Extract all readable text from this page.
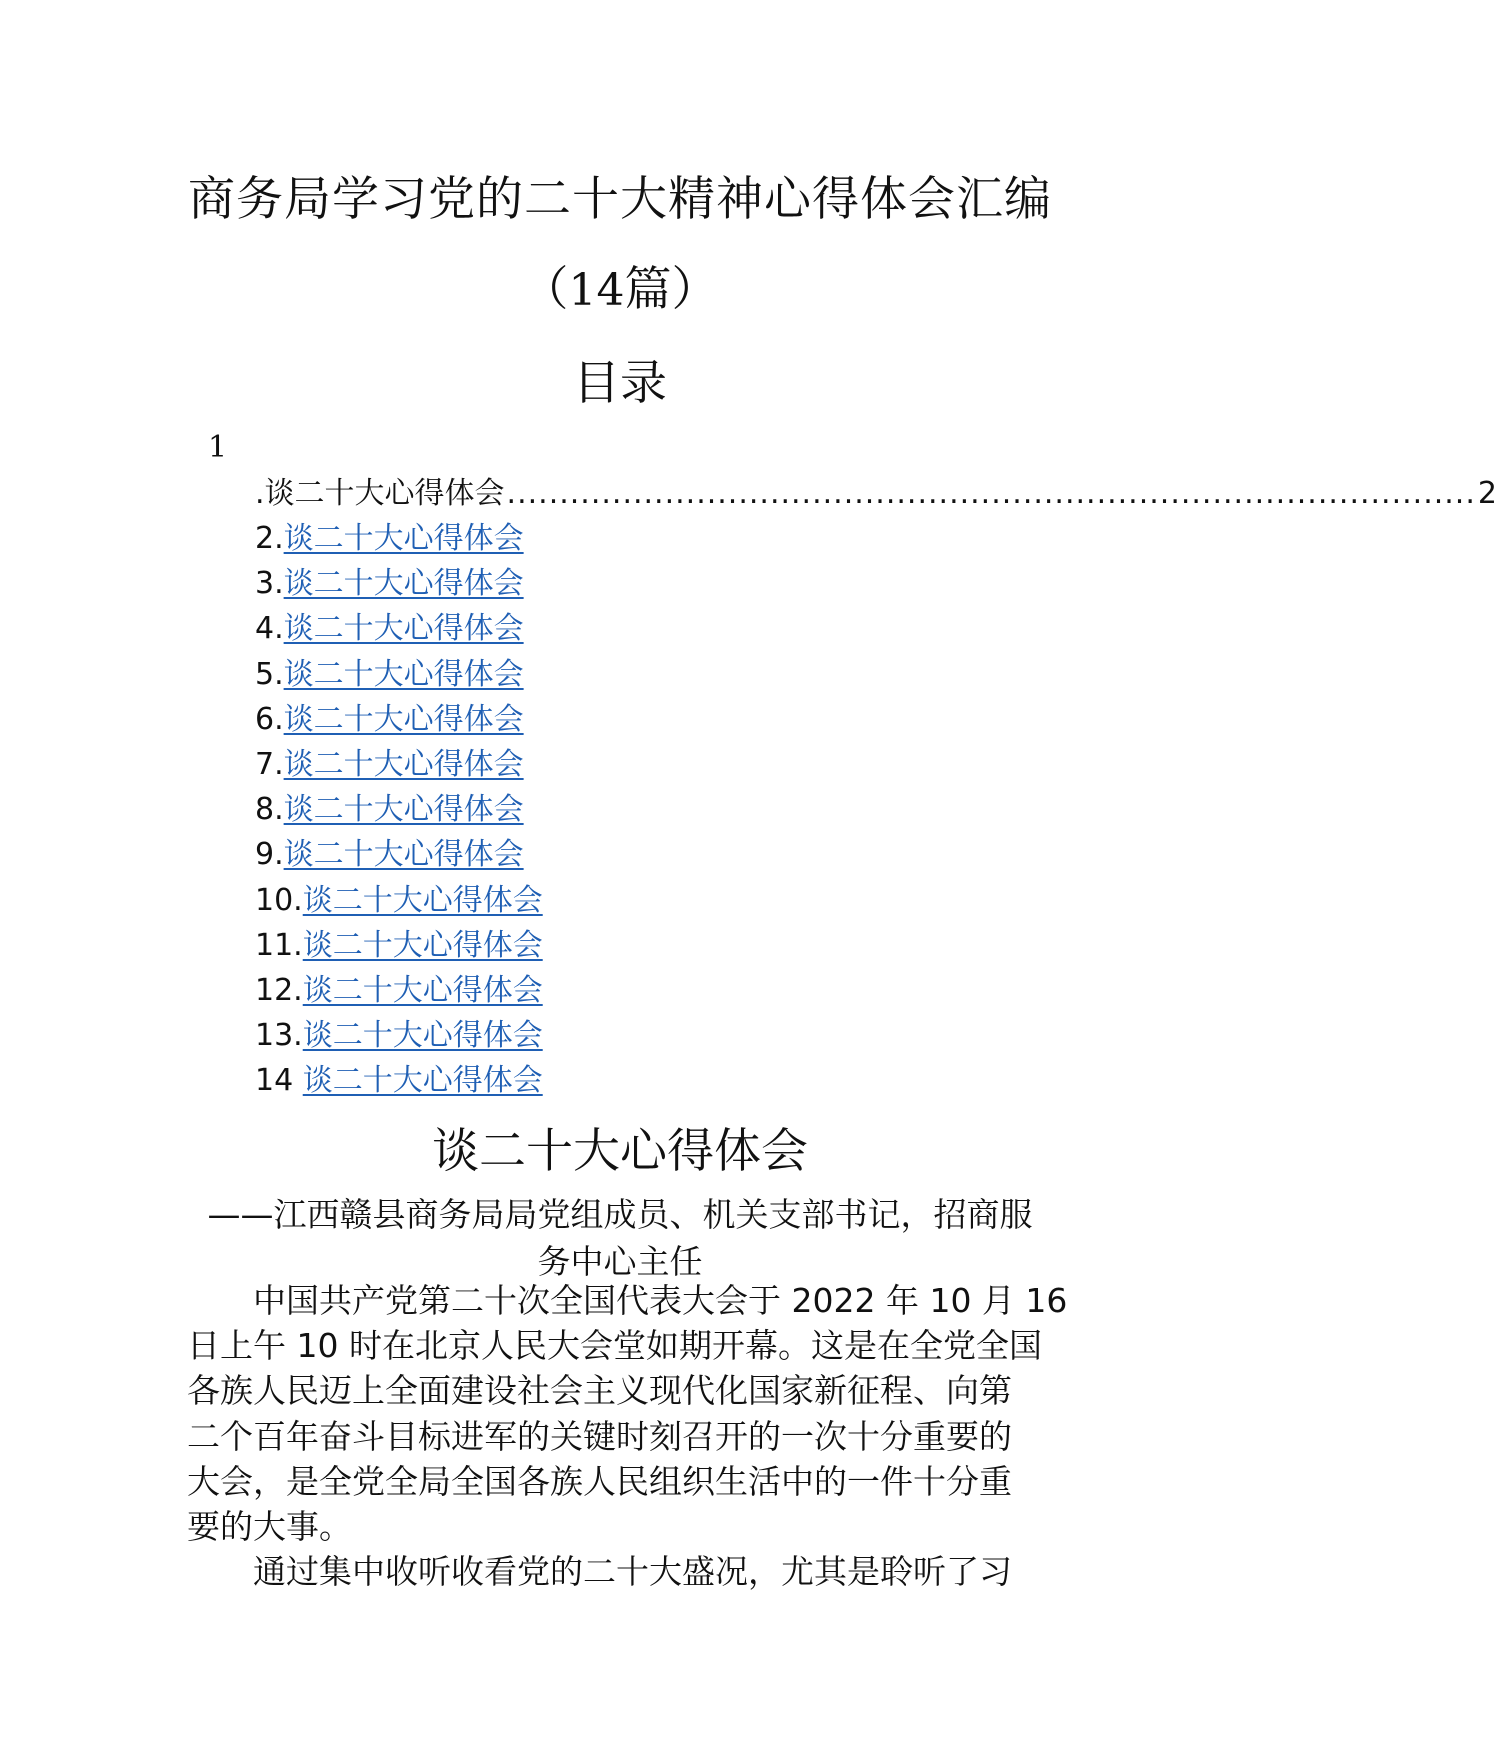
商务局学习党的二十大精神心得体会汇编
（14篇）
目录
1
.谈二十大心得体会 ............................................................................................ 2
2.谈二十大心得体会
3.谈二十大心得体会
4.谈二十大心得体会
5.谈二十大心得体会
6.谈二十大心得体会
7.谈二十大心得体会
8.谈二十大心得体会
9.谈二十大心得体会
10.谈二十大心得体会
11.谈二十大心得体会
12.谈二十大心得体会
13.谈二十大心得体会
14 谈二十大心得体会
谈二十大心得体会
——江西赣县商务局局党组成员、机关支部书记，招商服
务中心主任

中国共产党第二十次全国代表大会于 2022 年 10 月 16
日上午 10 时在北京人民大会堂如期开幕。这是在全党全国
各族人民迈上全面建设社会主义现代化国家新征程、向第
二个百年奋斗目标进军的关键时刻召开的一次十分重要的
大会，是全党全局全国各族人民组织生活中的一件十分重
要的大事。

通过集中收听收看党的二十大盛况，尤其是聆听了习
